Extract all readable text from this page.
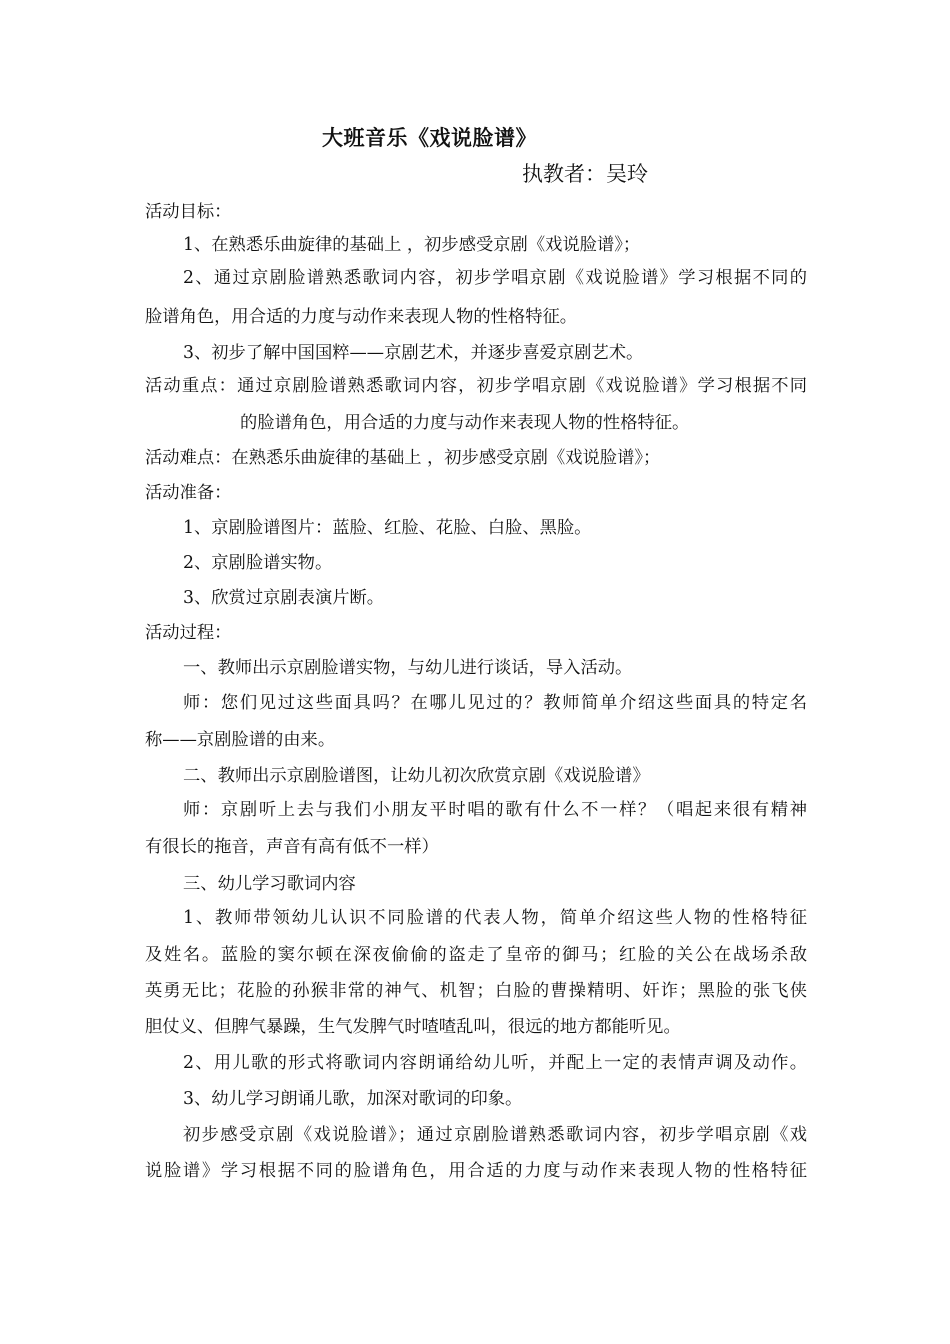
大班音乐《戏说脸谱》
执教者：吴玲
活动目标：
1、在熟悉乐曲旋律的基础上 ，初步感受京剧《戏说脸谱》；
2、通过京剧脸谱熟悉歌词内容，初步学唱京剧《戏说脸谱》学习根据不同的
脸谱角色，用合适的力度与动作来表现人物的性格特征。
3、初步了解中国国粹——京剧艺术，并逐步喜爱京剧艺术。
活动重点：通过京剧脸谱熟悉歌词内容，初步学唱京剧《戏说脸谱》学习根据不同
的脸谱角色，用合适的力度与动作来表现人物的性格特征。
活动难点：在熟悉乐曲旋律的基础上 ，初步感受京剧《戏说脸谱》；
活动准备：
1、京剧脸谱图片：蓝脸、红脸、花脸、白脸、黑脸。
2、京剧脸谱实物。
3、欣赏过京剧表演片断。
活动过程：
一、教师出示京剧脸谱实物，与幼儿进行谈话，导入活动。
师：您们见过这些面具吗？在哪儿见过的？教师简单介绍这些面具的特定名
称——京剧脸谱的由来。
二、教师出示京剧脸谱图，让幼儿初次欣赏京剧《戏说脸谱》
师：京剧听上去与我们小朋友平时唱的歌有什么不一样？（唱起来很有精神
有很长的拖音，声音有高有低不一样）
三、幼儿学习歌词内容
1、教师带领幼儿认识不同脸谱的代表人物，简单介绍这些人物的性格特征
及姓名。蓝脸的窦尔顿在深夜偷偷的盗走了皇帝的御马；红脸的关公在战场杀敌
英勇无比；花脸的孙猴非常的神气、机智；白脸的曹操精明、奸诈；黑脸的张飞侠
胆仗义、但脾气暴躁，生气发脾气时喳喳乱叫，很远的地方都能听见。
2、用儿歌的形式将歌词内容朗诵给幼儿听，并配上一定的表情声调及动作。
3、幼儿学习朗诵儿歌，加深对歌词的印象。
初步感受京剧《戏说脸谱》；通过京剧脸谱熟悉歌词内容，初步学唱京剧《戏
说脸谱》学习根据不同的脸谱角色，用合适的力度与动作来表现人物的性格特征
